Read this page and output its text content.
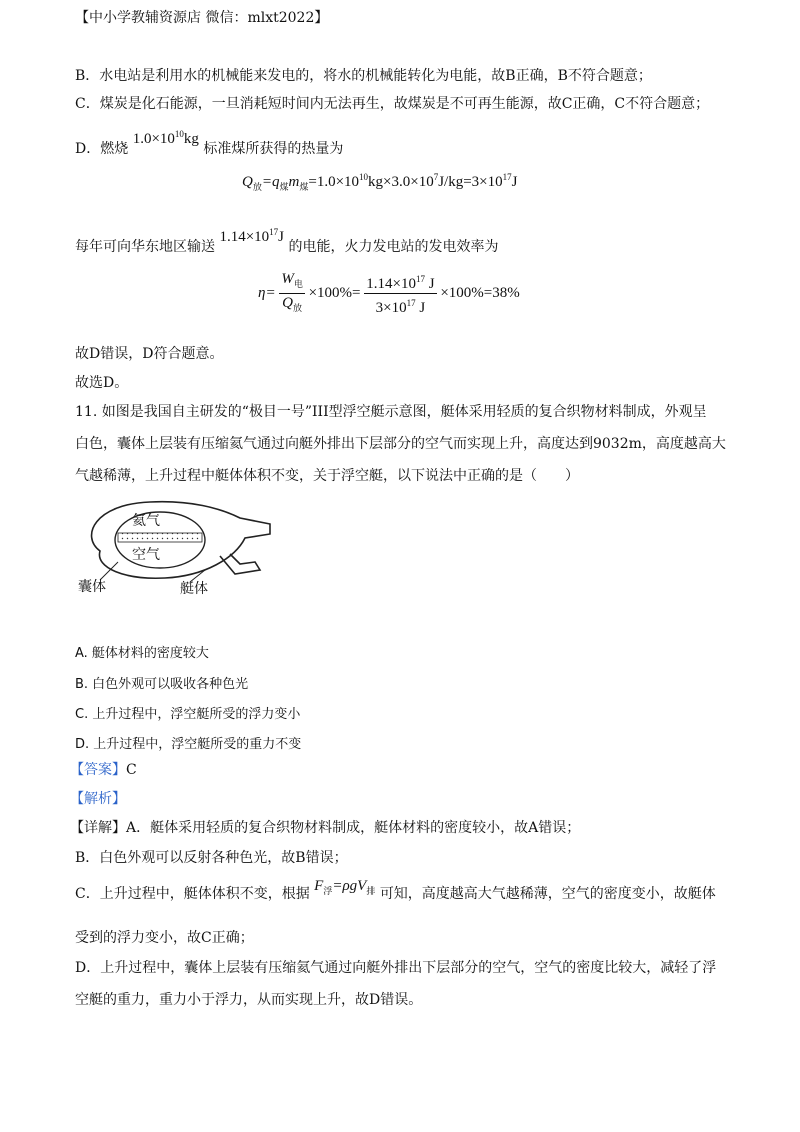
【中小学教辅资源店 微信：mlxt2022】
B．水电站是利用水的机械能来发电的，将水的机械能转化为电能，故B正确，B不符合题意；
C．煤炭是化石能源，一旦消耗短时间内无法再生，故煤炭是不可再生能源，故C正确，C不符合题意；
D．燃烧 $1.0\times 10^{10}kg$ 标准煤所获得的热量为
$Q_放=q_煤m_煤=1.0\times 10^{10}kg\times 3.0\times 10^7J/kg=3\times 10^{17}J$
每年可向华东地区输送 $1.14\times 10^{17}J$ 的电能，火力发电站的发电效率为
$\eta= \frac{W_电}{Q_放} \times 100\%= \frac{1.14\times 10^{17} J}{3\times 10^{17} J} \times 100\%=38\%$
故D错误，D符合题意。
故选D。
11. 如图是我国自主研发的“极目一号”III型浮空艇示意图，艇体采用轻质的复合织物材料制成，外观呈
白色，囊体上层装有压缩氦气通过向艇外排出下层部分的空气而实现上升，高度达到9032m，高度越高大
气越稀薄，上升过程中艇体体积不变，关于浮空艇，以下说法中正确的是（　　）
氦气
空气
囊体	艇体
A. 艇体材料的密度较大
B. 白色外观可以吸收各种色光
C. 上升过程中，浮空艇所受的浮力变小
D. 上升过程中，浮空艇所受的重力不变
【答案】C
【解析】
【详解】A．艇体采用轻质的复合织物材料制成，艇体材料的密度较小，故A错误；
B．白色外观可以反射各种色光，故B错误；
C．上升过程中，艇体体积不变，根据 $F_浮=\rho gV_排$ 可知，高度越高大气越稀薄，空气的密度变小，故艇体
受到的浮力变小，故C正确；
D．上升过程中，囊体上层装有压缩氦气通过向艇外排出下层部分的空气，空气的密度比较大，减轻了浮
空艇的重力，重力小于浮力，从而实现上升，故D错误。
